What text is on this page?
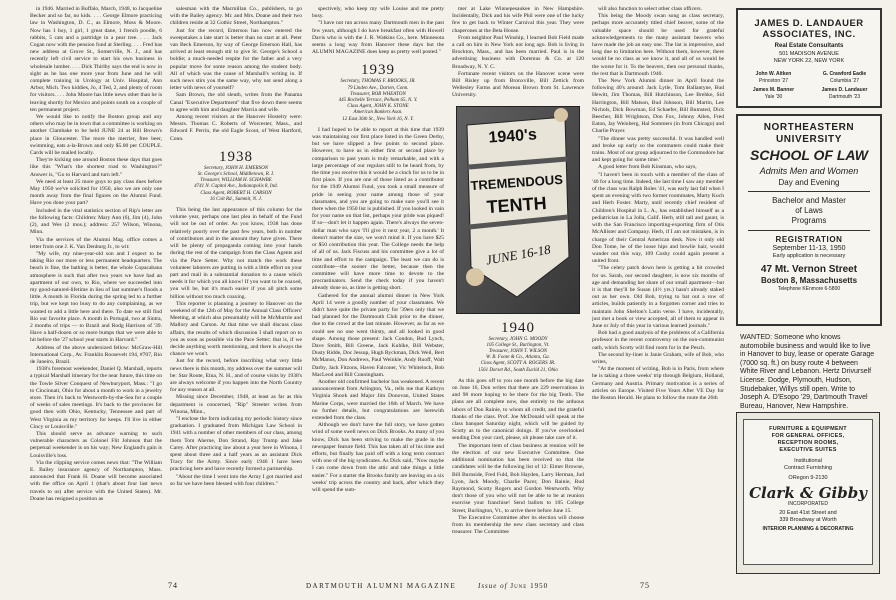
in 1946. Married in Buffalo, March, 1948, to Jacqueline Becker and so far, no kids. . . . George Elmore practicing law in Washington, D. C., as Elmore, Moss & Moore. Now has 1 boy, 1 girl, 1 great dane, 1 french poodle, 6 rabbits, 5 cats and a partridge in a pear tree. . . . Jack Cogan now with the pension fund at Sterling. . . . Fred has new address at Grove St., Somerville, N. J., and has recently left civil service to start his own business in wholesale lumber. . . . Dick Thirlby says the end is now in sight as he has one more year from June and he will complete training in Urology at Univ. Hospital, Ann Arbor, Mich. Two kiddies, Jo, 4 Ted, 2, and plenty of room for visitors. . . . John Moore has little news other than he is leaving shortly for Mexico and points south on a couple of ten permanent project.

We would like to notify the Boston group and any others who may be in town that a committee is working on another Clambake to be held JUNE 24 at Bill Brown's place in Gloucester. The more the merrier, free beer, swimming, eats a-la-Brown and only $5.00 per COUPLE. Cards will be mailed locally.

They're kicking one around Boston these days that goes like this "What's the shortest road to Washington?" Answer is, "Go to Harvard and turn left."

We need at least 25 more guys to pay class dues before May 1950 we've solicited for 1950, also we are only one month away from the final figures on the Alumni Fund. Have you done your part?

Included in the vital statistics section of Rip's letter are the following facts: Children: Mary Ann (6), Jim (4), John (2), and Wes (2 mos.); address: 257 Wilson, Winona, Minn.

Via the services of the Alumni Mag. office comes a letter from one J. K. Van Denburg Jr., to wit:

"My wife, my nine-year-old son and I expect to be taking Rio our more or less permanent headquarters. The beach is fine, the bathing is better, the whole Copacabana atmosphere is such that after two years we have had an apartment of our own, to Rio, where we succeeded into my good-natured-lifetime in lieu of last summer's floods a little. A month in Florida during the spring led to a further trip, but we kept too busy to do any complaining, as we wanted to add a little here and there. To date we still find Rio our favorite place. A month in Portugal, two at Sintra, 2 months of trips — to Brazil and Rodg Harrison of '39. Have a half-dozen or so more bumps that we were able to hit before the '27 school year starts in Harvard."

Address of the above undersized fellow: McGraw-Hill International Corp., Av. Franklin Roosevelt 194, #707, Rio de Janeiro, Brazil.

1938's foremost weekender, Daniel Q. Marshall, reports a typical Marshall itinerary for the near future, this time on the Towle Silver Conquest of Newburyport, Mass.: "I go to Cincinnati, Ohio for about a month to work in a jewelry store. Then it's back to Westworth-by-the-Sea for a couple of weeks of sales meetings. It's back to the provinces for good then with Ohio, Kentucky, Tennessee and part of West Virginia as my territory for keeps. I'll live in either Cincy or Louisville."

This should serve as advance warning to such vulnerable characters as Colonel Flit Johnson that the perpetual weekender is on his way; New England's gain is Louisville's loss.

Via the clipping service comes news that: "The William E. Bailey insurance agency of Northampton, Mass. announced that Frank H. Doane will become associated with the office on April 1 (that's about four last news travels to us) after service with the United States). Mr. Doane has resigned a position as

salesman with the Macmillan Co., publishers, to go with the Bailey agency. Mr. and Mrs. Doane and their two children reside at 32 Gothic Street, Northampton."

Just for the record, Emerson has now entered the sweepstakes a late start is better than no start at all. Peter van Beck Emerson, by way of George Emerson Hall, has arrived at least enough stir to give St. George's School a boldie; a much-needed respite for the father and a very popular move for some reason among the student body. All of which was the cause of Marshall's writing in. If such news stirs you the same way, why not send along a letter with news of yourself?

Sam Brown, the old sleuth, writes from the Panama Canal "Executive Department" that five down there seems to agree with him and daughter Marcia and wife.

Among recent visitors at the Hanover Hostelry were: Messrs. Thomas C. Roberts of Worcester, Mass., and Edward F. Perrin, the old Eagle Scout, of West Hartford, Conn.

1938
Secretary, JOHN H. EMERSON
St. George's School, Middletown, R. I.
Treasurer, WILLIAM H. SCHAWBE
4741 N. Capitol Ave., Indianapolis 8, Ind.
Class Agent, ROBERT H. CARSON
16 Colt Rd., Summit, N. J.

This being the last appearance of this column for the volume year, perhaps one last plea in behalf of the Fund will not be out of order. As you know, 1938 has done relatively poorly over the past few years, both in number of contributors and in the amount they have given. There will be plenty of propaganda coming into your hands during the rest of the campaign from the Class Agents and via the Pace Setter. Why not match the work these volunteer laborers are putting in with a little effort on your part and mail in a substantial donation to a cause which needs it for which you all know! If you want to be coaxed, you will be, but it's much easier if you all pitch some billion without too much coaxing.

This reporter is planning a journey to Hanover on the weekend of the 12th of May for the Annual Class Officers' Meeting, at which also presumably will be McMurtrie and Mallory and Carson. At that time we shall discuss class affairs, the results of which discussion I shall report on to you as soon as possible via the Pace Setter; that is, if we decide anything worth mentioning, and there is always the chance we won't.

Just for the record, before inscribing what very little news there is this month, my address over the summer will be: Star Route, Etna, N. H., and of course visits by 1938's are always welcome if you happen into the North Country for any reason at all.

Missing since December, 1948, at least as far as this department is concerned, "Rip" Streeter writes from Winona, Minn.,

"I enclose the form indicating my periodic history since graduation. I graduated from Michigan Law School in 1941 with a number of other members of our class, among them Tom Aherne, Don Strand, Ray Trump and Jake Carey. After practicing law about a year here in Winona, I spent about three and a half years as an assistant Dick Tracy for the Army. Since early 1946 I have been practicing here and have recently formed a partnership.

"About the time I went into the Army I got married and so far we have been blessed with four children."

spectively, who keep my wife Louise and me pretty busy.

"I have not run across many Dartmouth men in the past few years, although I do have breakfast often with Howell Davis who is with the J. R. Watkins Co., here. Minnesota seems a long way from Hanover these days but the ALUMNI MAGAZINE does keep us pretty well posted."

1939
Secretary, THOMAS F. BROOKS, JR.
79 Linden Ave., Darien, Conn.
Treasurer, BOB WHEATON
445 Rochelle Terrace, Pelham 65, N. Y.
Class Agent, JOHN K. STONE
American Bankers Assn.
12 East 36th St., New York 16, N. Y.

I had hoped to be able to report at this time that 1939 was maintaining our first place listed in the Green Derby, but we have slipped a few points to second place. However, to have us in either first or second place by comparison to past years is truly remarkable, and with a large percentage of our regulars still to be heard from, by the time you receive this it would be a cinch for us to be in first place. If you are one of those listed as a contributor for the 1949 Alumni Fund, you took a small measure of pride in seeing your name among those of your classmates, and you are going to make sure you'll see it there when the 1950 list is published. If you looked in vain for your name on that list, perhaps your pride was piqued! If so—don't let it happen again. There's always the seven-dollar man who says 'I'll give it next year, 2 a month.' It doesn't matter the size, we won't mind it. If you have $25 or $50 contribution this year. The College needs the help of all of us. Jack Fiscuss and his committee give a lot of time and effort to the campaign. The least we can do is contribute—the sooner the better, because then the committee will have more time to devote to the procrastinators. Send the check today if you haven't already done so, as time is getting short.

Gathered for the annual alumni dinner in New York April 14 were a goodly number of your classmates. We didn't have quite the private party for '39ers only that we had planned for the Dartmouth Club prior to the dinner, due to the crowd at the last minute. However, as far as we could see no one went thirsty, and all looked in good shape. Among those present: Jack Condon, Bud Lynch, Dave Smith, Bill Greene, Jack Kuhlke, Bill Webster, Dusty Ridde, Doc Jessup, Hugh Ryckman, Dick Weil, Bert McManus, Don Andrews, Paul Weinkle, Andy Ruoff, Walt Darby, Jack Fitzons, Haven Falconer, Vic Whitelock, Bob MacLeod and Bill Cunningham.

Another old confirmed bachelor has weakened. A recent announcement from Arlington, Va., tells me that Kathryn Virginia Shook and Major Jim Donovan, United States Marine Corps, were married the 16th of March. We have no further details, but congratulations are herewith extended from the class.

Although we don't have the full story, we have gotten wind of some swell news on Dick Brooks. As many of you know, Dick has been striving to make the grade in the newspaper feature field. This has taken all of his time and efforts, but finally has paid off with a long term contract with one of the big syndicates. As Dick said, "Now maybe I can come down from the attic and take things a little easier." For a starter the Brooks family are leaving on a six weeks' trip across the country and back, after which they will spend the sum-

mer at Lake Winnepesaukee in New Hampshire. Incidentally, Dick and his wife Phil were one of the lucky few to get back to Winter Carnival this year. They were chaperones at the Beta House.

From neighbor Paul Winship, I learned Bob Field made a call on him in New York not long ago. Bob is living in Brockton, Mass., and has been married. Paul is in the advertising business with Doremus & Co. at 120 Broadway, N. Y. C.

Fortunate recent visitors on the Hanover scene were Bill Risley up from Bronxville, Bill Zettick from Wellesley Farms and Moreau Brown from St. Lawrence University.

1940's
TREMENDOUS
TENTH
JUNE 16-18
1940
Secretary, JOHN G. MOODY
105 College St., Burlington, Vt.
Treasurer, JOHN T. WILSON
W. B. Foote & Co., Atlanta, Ga.
Class Agent, SCOTT A. ROGERS JR.
1561 Dorset Rd., South Euclid 21, Ohio

As this goes off to you one month before the big date on June 16, Don writes that there are 229 reservations in and 98 more hoping to be there for the big Tenth. The plans are all complete now, due entirely to the arduous labors of Don Rainie, to whom all credit, and the grateful thanks of the class. Prof. Joe McDonald will speak at the class banquet Saturday night, which will be guided by Scotty as to the canonical doings. If you've overlooked sending Don your card, please, oh please take care of it.

The important item of class business at reunion will be the election of our new Executive Committee. One additional nomination has been received so that the candidates will be the following list of 12: Elmer Browne, Bill Burnside, Fred Fuld, Bob Hayden, Larry Herman, Jud Lyon, Jack Moody, Charlie Pacer, Don Rainie, Bud Raymond, Scotty Rogers and Gordon Wentworth. Why don't those of you who will not be able to be at reunion exercise your franchise! Send ballots to 105 College Street, Burlington, Vt., to arrive there before June 15.

The Executive Committee after its election will choose from its membership the new class secretary and class treasurer. The Committee

will also function to select other class officers.

This being the Moody swan song as class secretary, perhaps more accurately titled chief beaver, some of the valuable space should be used for grateful acknowledgements to the many assistant beavers who have made the job an easy one. The list is impressive, and long due to limitation here. Without them, however, there would be no class as we know it, and all of us would be the worse for it. To the beavers, then our personal thanks, the rest that is Dartmouth 1940.

The New York Alumni dinner in April found the following 40's around: Jack Lytle, Tom Ballantyne, Bud Hewitt, Jim Thomas, Bill Hutchinson, Lee Brehke, Sid Harrington, Bill Matson, Bud Johnson, Bill Martin, Lee Nichols, Dick Bowman, Ed Schaefer, Bill Bumsted, Dick Beecher, Bill Wrightson, Don Fox, Johnny Allen, Fred Eaton, Jay Weinberg, Hal Sommers (in from Chicago) and Charlie Prayer.

"The dinner was pretty successful. It was handled well and broke up early so the commuters could make their trains. Most of our group adjourned to the Commodore bar and kept going for some time."

A good letter from Bob Kinsman, who says,

"I haven't been in touch with a member of the class of '40 for a long time. Indeed, the last time I saw any member of the class was Ralph Roles '41, was early last fall when I spent an evening with two former roommates, Marty Koch and Herb Foster. Marty, until recently chief resident of Children's Hospital in L. A., has established himself as a pediatrician in La Jolla, Calif. Herb, still tall and gaunt, is with the San Francisco importing-exporting firm of Otis McAllister and Company. Herb, if I am not mistaken, is in charge of their Central American desk. Now it only old Don Tome, he of the loose hips and bowlie hair, would wander out this way, 109 Cosby could again present a united front.

"The celery patch down here is getting a bit crowded for us. Sarah, our second daughter, is now six months of age and demanding her share of our small apartment—but it is that they'll be Susan (4½ yrs.) hasn't already staked out as her own. Old Bob, trying to bat out a row of articles, builds patiently in a forgotten corner and tries to maintain John Shelton's Latin verse. I have, incidentally, just met a book or view accepted, all of them to appear in June or July of this year in various learned journals."

Bob had a good analysis of the problems of a California professor in the recent controversy on the non-communist oath, which Scotty will find room for in the Pesch.

The second by-liner is Janie Graham, wife of Bob, who writes,

"At the moment of writing, Bob is in Paris, from where he is taking a three weeks' trip through Belgium, Holland, Germany and Austria. Primary motivation is a series of articles on Europe. Visited Five Years After VE Day for the Boston Herald. He plans to follow the route the 26th

JAMES D. LANDAUER
ASSOCIATES, INC.
Real Estate Consultants
501 MADISON AVENUE
NEW YORK 22, NEW YORK
John W. Aitken
Princeton '27
G. Crawford Eadie
Columbia '27
James M. Banner
Yale '30
James D. Landauer
Dartmouth '23
NORTHEASTERN
UNIVERSITY
SCHOOL OF LAW
Admits Men and Women
Day and Evening
Bachelor and Master
of Laws
Programs
REGISTRATION
September 11-13, 1950
Early application is necessary
47 Mt. Vernon Street
Boston 8, Massachusetts
Telephone KEnmore 6-5800
WANTED: Someone who knows automobile business and would like to live in Hanover to buy, lease or operate Garage (7000 sq. ft.) on busy route 4 between White River and Lebanon. Hertz Drivurself License. Dodge, Plymouth, Hudson, Studebaker, Willys still open. Write to Joseph A. D'Esopo '29, Dartmouth Travel Bureau, Hanover, New Hampshire.
FURNITURE & EQUIPMENT
FOR GENERAL OFFICES,
RECEPTION ROOMS,
EXECUTIVE SUITES
Institutional
Contract Furnishing
ORegon 9-2130
Clark & Gibby
INCORPORATED
20 East 41st Street and
339 Broadway at Worth
INTERIOR PLANNING & DECORATING
74	DARTMOUTH ALUMNI MAGAZINE	Issue of June 1950	75
